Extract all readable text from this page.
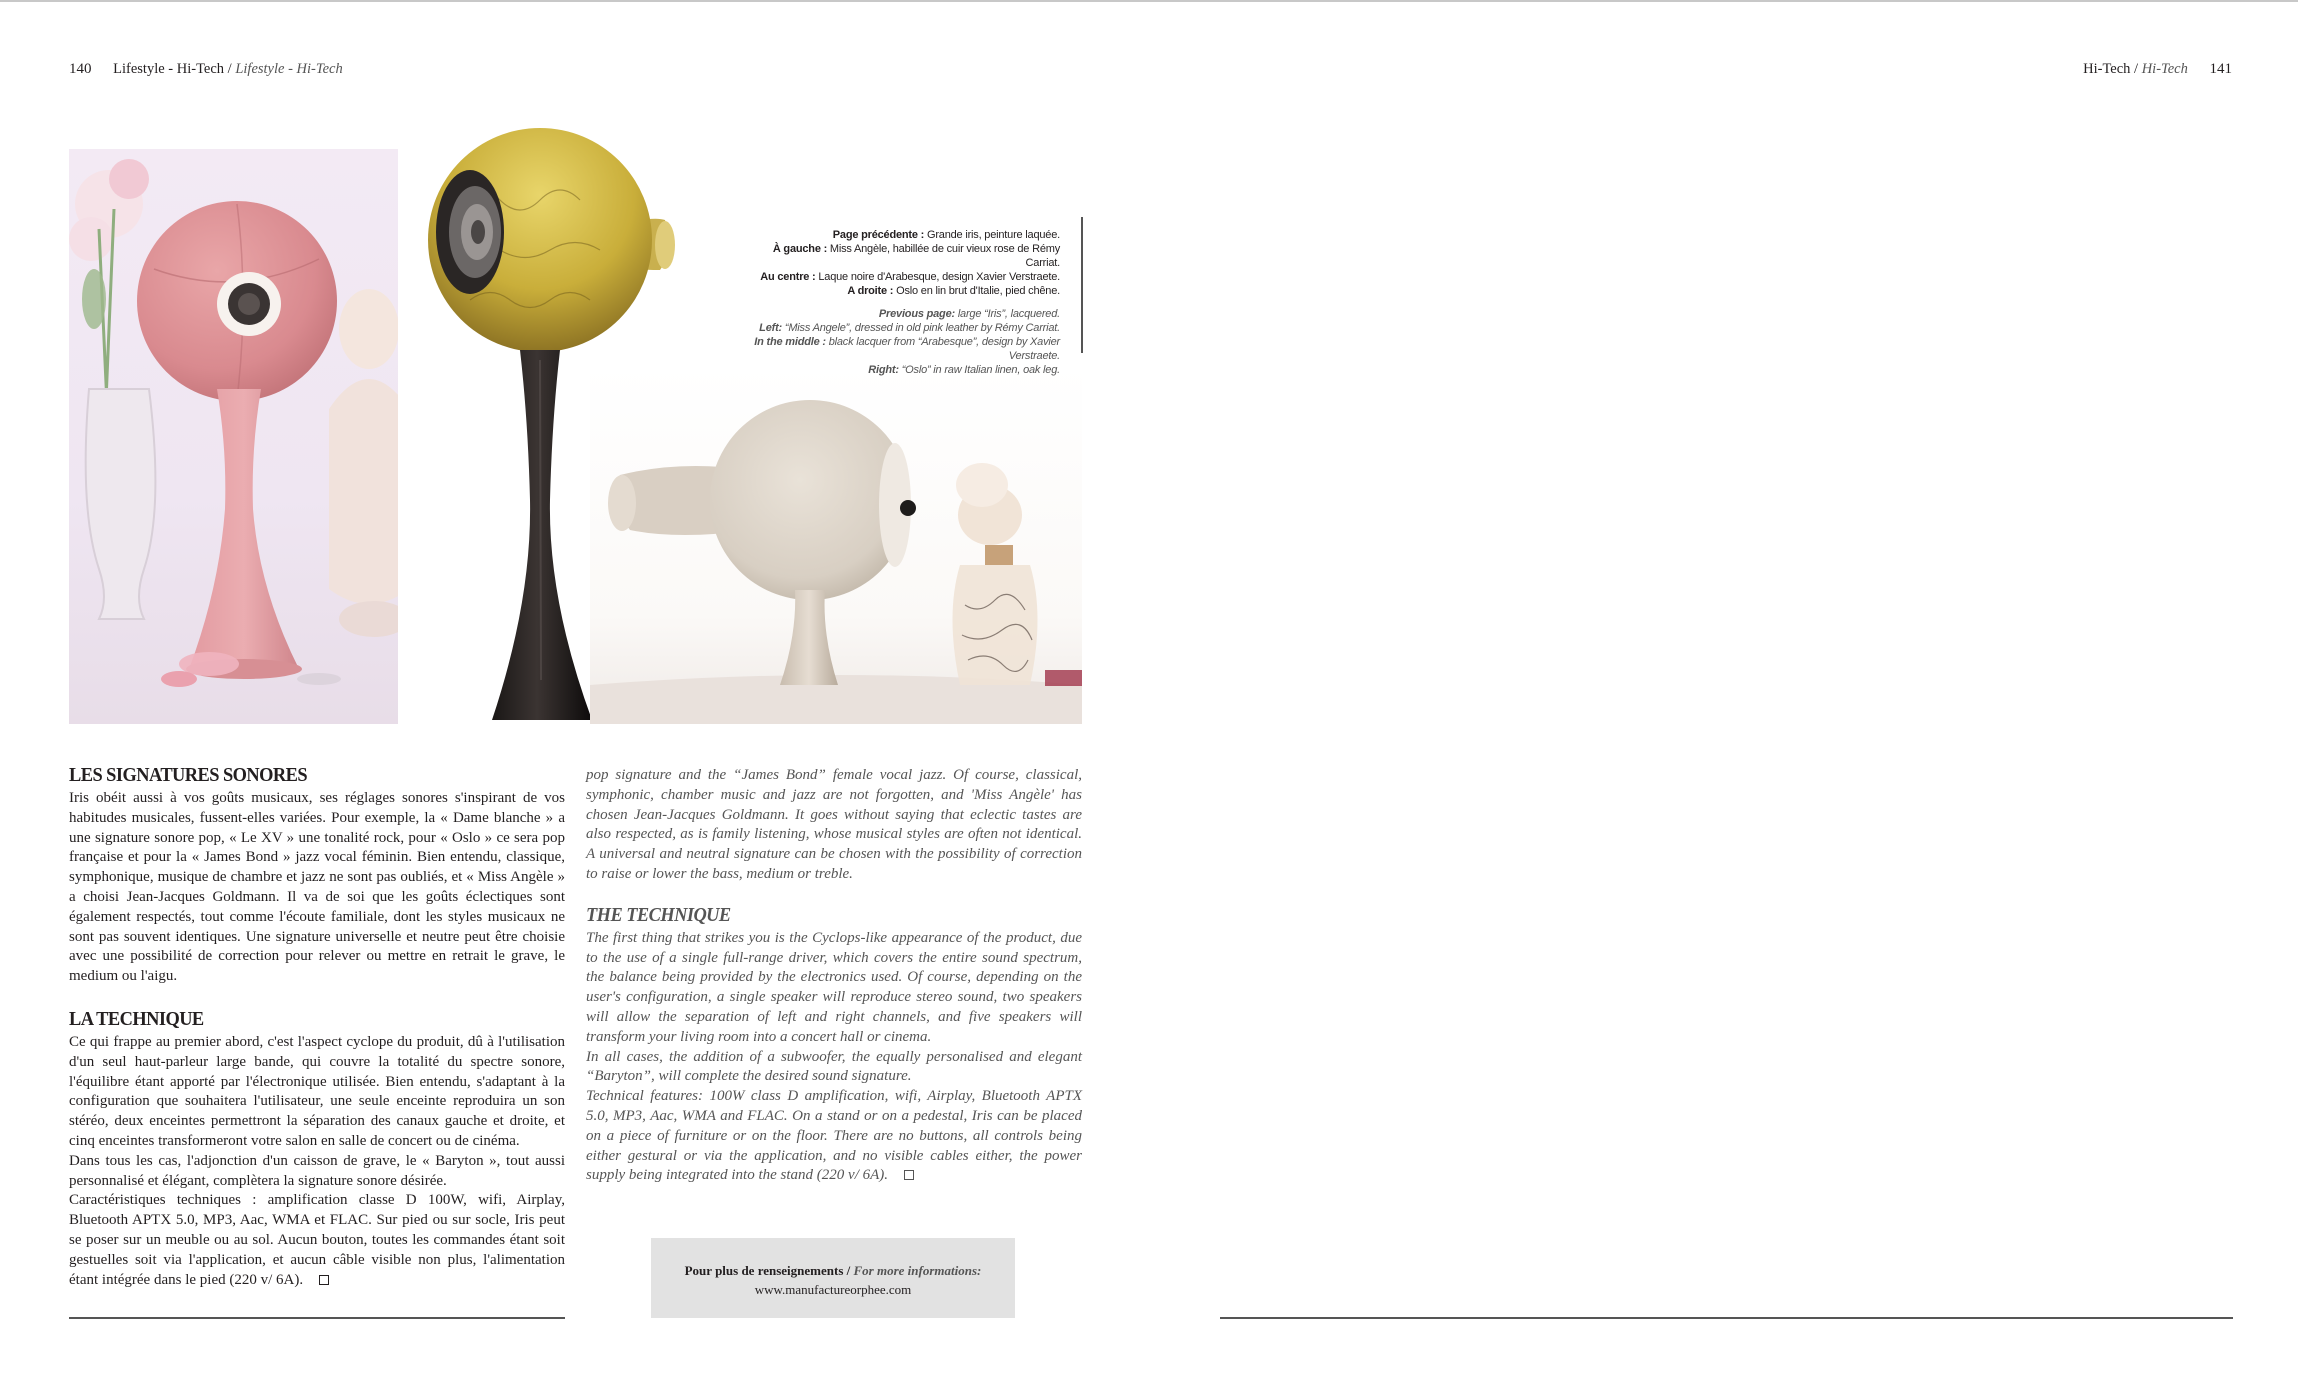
140 Lifestyle - Hi-Tech / Lifestyle - Hi-Tech	Hi-Tech / Hi-Tech 141
Page précédente : Grande iris, peinture laquée.
À gauche : Miss Angèle, habillée de cuir vieux rose de Rémy Carriat.
Au centre : Laque noire d'Arabesque, design Xavier Verstraete.
A droite : Oslo en lin brut d'Italie, pied chêne.
Previous page: large “Iris”, lacquered.
Left: “Miss Angele”, dressed in old pink leather by Rémy Carriat.
In the middle : black lacquer from “Arabesque”, design by Xavier Verstraete.
Right: “Oslo” in raw Italian linen, oak leg.
LES SIGNATURES SONORES

Iris obéit aussi à vos goûts musicaux, ses réglages sonores s'inspirant de vos habitudes musicales, fussent-elles variées. Pour exemple, la « Dame blanche » a une signature sonore pop, « Le XV » une tonalité rock, pour « Oslo » ce sera pop française et pour la « James Bond » jazz vocal féminin. Bien entendu, classique, symphonique, musique de chambre et jazz ne sont pas oubliés, et « Miss Angèle » a choisi Jean-Jacques Goldmann. Il va de soi que les goûts éclectiques sont également respectés, tout comme l'écoute familiale, dont les styles musicaux ne sont pas souvent identiques. Une signature universelle et neutre peut être choisie avec une possibilité de correction pour relever ou mettre en retrait le grave, le medium ou l'aigu.

LA TECHNIQUE

Ce qui frappe au premier abord, c'est l'aspect cyclope du produit, dû à l'utilisation d'un seul haut-parleur large bande, qui couvre la totalité du spectre sonore, l'équilibre étant apporté par l'électronique utilisée. Bien entendu, s'adaptant à la configuration que souhaitera l'utilisateur, une seule enceinte reproduira un son stéréo, deux enceintes permettront la séparation des canaux gauche et droite, et cinq enceintes transformeront votre salon en salle de concert ou de cinéma.

Dans tous les cas, l'adjonction d'un caisson de grave, le « Baryton », tout aussi personnalisé et élégant, complètera la signature sonore désirée.

Caractéristiques techniques : amplification classe D 100W, wifi, Airplay, Bluetooth APTX 5.0, MP3, Aac, WMA et FLAC. Sur pied ou sur socle, Iris peut se poser sur un meuble ou au sol. Aucun bouton, toutes les commandes étant soit gestuelles soit via l'application, et aucun câble visible non plus, l'alimentation étant intégrée dans le pied (220 v/ 6A).

pop signature and the “James Bond” female vocal jazz. Of course, classical, symphonic, chamber music and jazz are not forgotten, and 'Miss Angèle' has chosen Jean-Jacques Goldmann. It goes without saying that eclectic tastes are also respected, as is family listening, whose musical styles are often not identical. A universal and neutral signature can be chosen with the possibility of correction to raise or lower the bass, medium or treble.

THE TECHNIQUE

The first thing that strikes you is the Cyclops-like appearance of the product, due to the use of a single full-range driver, which covers the entire sound spectrum, the balance being provided by the electronics used. Of course, depending on the user's configuration, a single speaker will reproduce stereo sound, two speakers will allow the separation of left and right channels, and five speakers will transform your living room into a concert hall or cinema.

In all cases, the addition of a subwoofer, the equally personalised and elegant “Baryton”, will complete the desired sound signature.

Technical features: 100W class D amplification, wifi, Airplay, Bluetooth APTX 5.0, MP3, Aac, WMA and FLAC. On a stand or on a pedestal, Iris can be placed on a piece of furniture or on the floor. There are no buttons, all controls being either gestural or via the application, and no visible cables either, the power supply being integrated into the stand (220 v/ 6A).

Pour plus de renseignements / For more informations:
www.manufactureorphee.com
